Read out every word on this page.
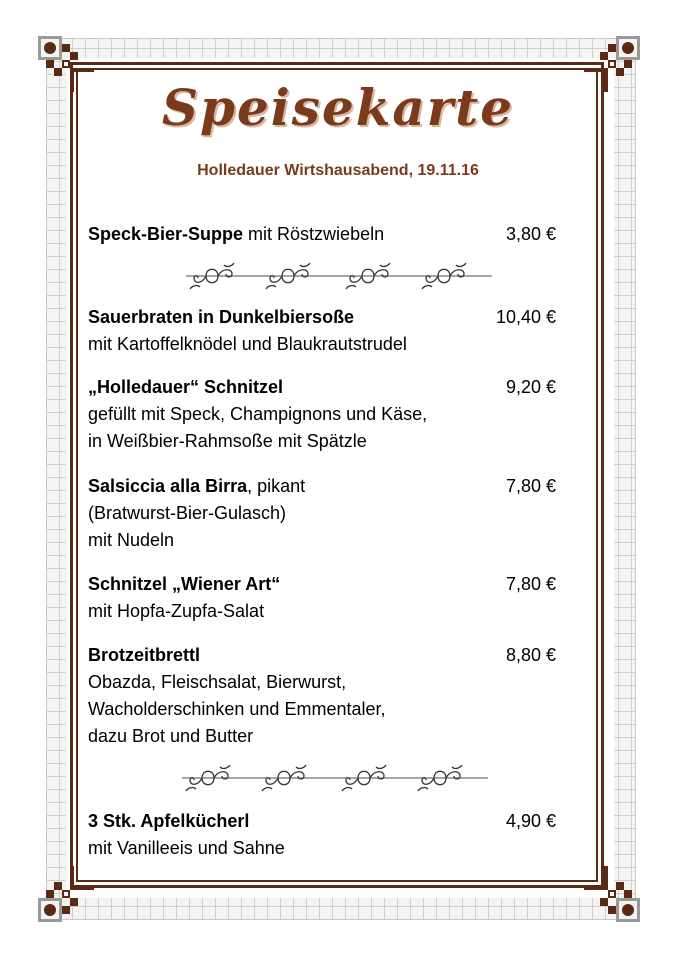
Speisekarte
Holledauer Wirtshausabend, 19.11.16
Speck-Bier-Suppe mit Röstzwiebeln	3,80 €
Sauerbraten in Dunkelbiersoße
mit Kartoffelknödel und Blaukrautstrudel
10,40 €
„Holledauer“ Schnitzel
gefüllt mit Speck, Champignons und Käse,
in Weißbier-Rahmsoße mit Spätzle
9,20 €
Salsiccia alla Birra, pikant
(Bratwurst-Bier-Gulasch)
mit Nudeln
7,80 €
Schnitzel „Wiener Art“
mit Hopfa-Zupfa-Salat
7,80 €
Brotzeitbrettl
Obazda, Fleischsalat, Bierwurst,
Wacholderschinken und Emmentaler,
dazu Brot und Butter
8,80 €
3 Stk. Apfelkücherl
mit Vanilleeis und Sahne
4,90 €
